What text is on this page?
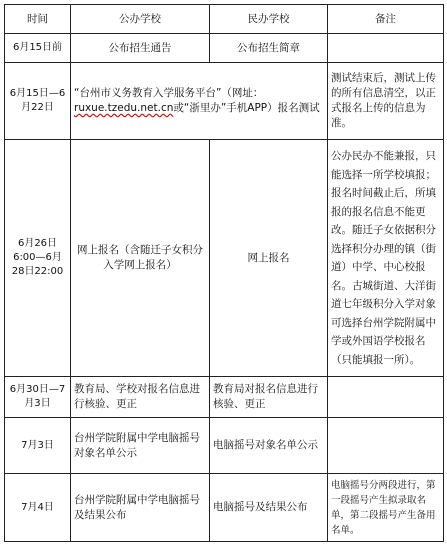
时间	公办学校	民办学校	备注
6月15日前	公布招生通告	公布招生简章	
6月15日—6月22日	“台州市义务教育入学服务平台”（网址：ruxue.tzedu.net.cn或“浙里办”手机APP）报名测试		测试结束后，测试上传的所有信息清空，以正式报名上传的信息为准。
6月26日6:00—6月28日22:00	网上报名（含随迁子女积分入学网上报名）	网上报名	公办民办不能兼报，只能选择一所学校填报；报名时间截止后，所填报的报名信息不能更改。随迁子女依据积分选择积分办理的镇（街道）中学、中心校报名。古城街道、大洋街道七年级积分入学对象可选择台州学院附属中学或外国语学校报名（只能填报一所）。
6月30日—7月3日	教育局、学校对报名信息进行核验、更正	教育局对报名信息进行核验、更正	
7月3日	台州学院附属中学电脑摇号对象名单公示	电脑摇号对象名单公示	
7月4日	台州学院附属中学电脑摇号及结果公布	电脑摇号及结果公布	电脑摇号分两段进行，第一段摇号产生拟录取名单，第二段摇号产生备用名单。
